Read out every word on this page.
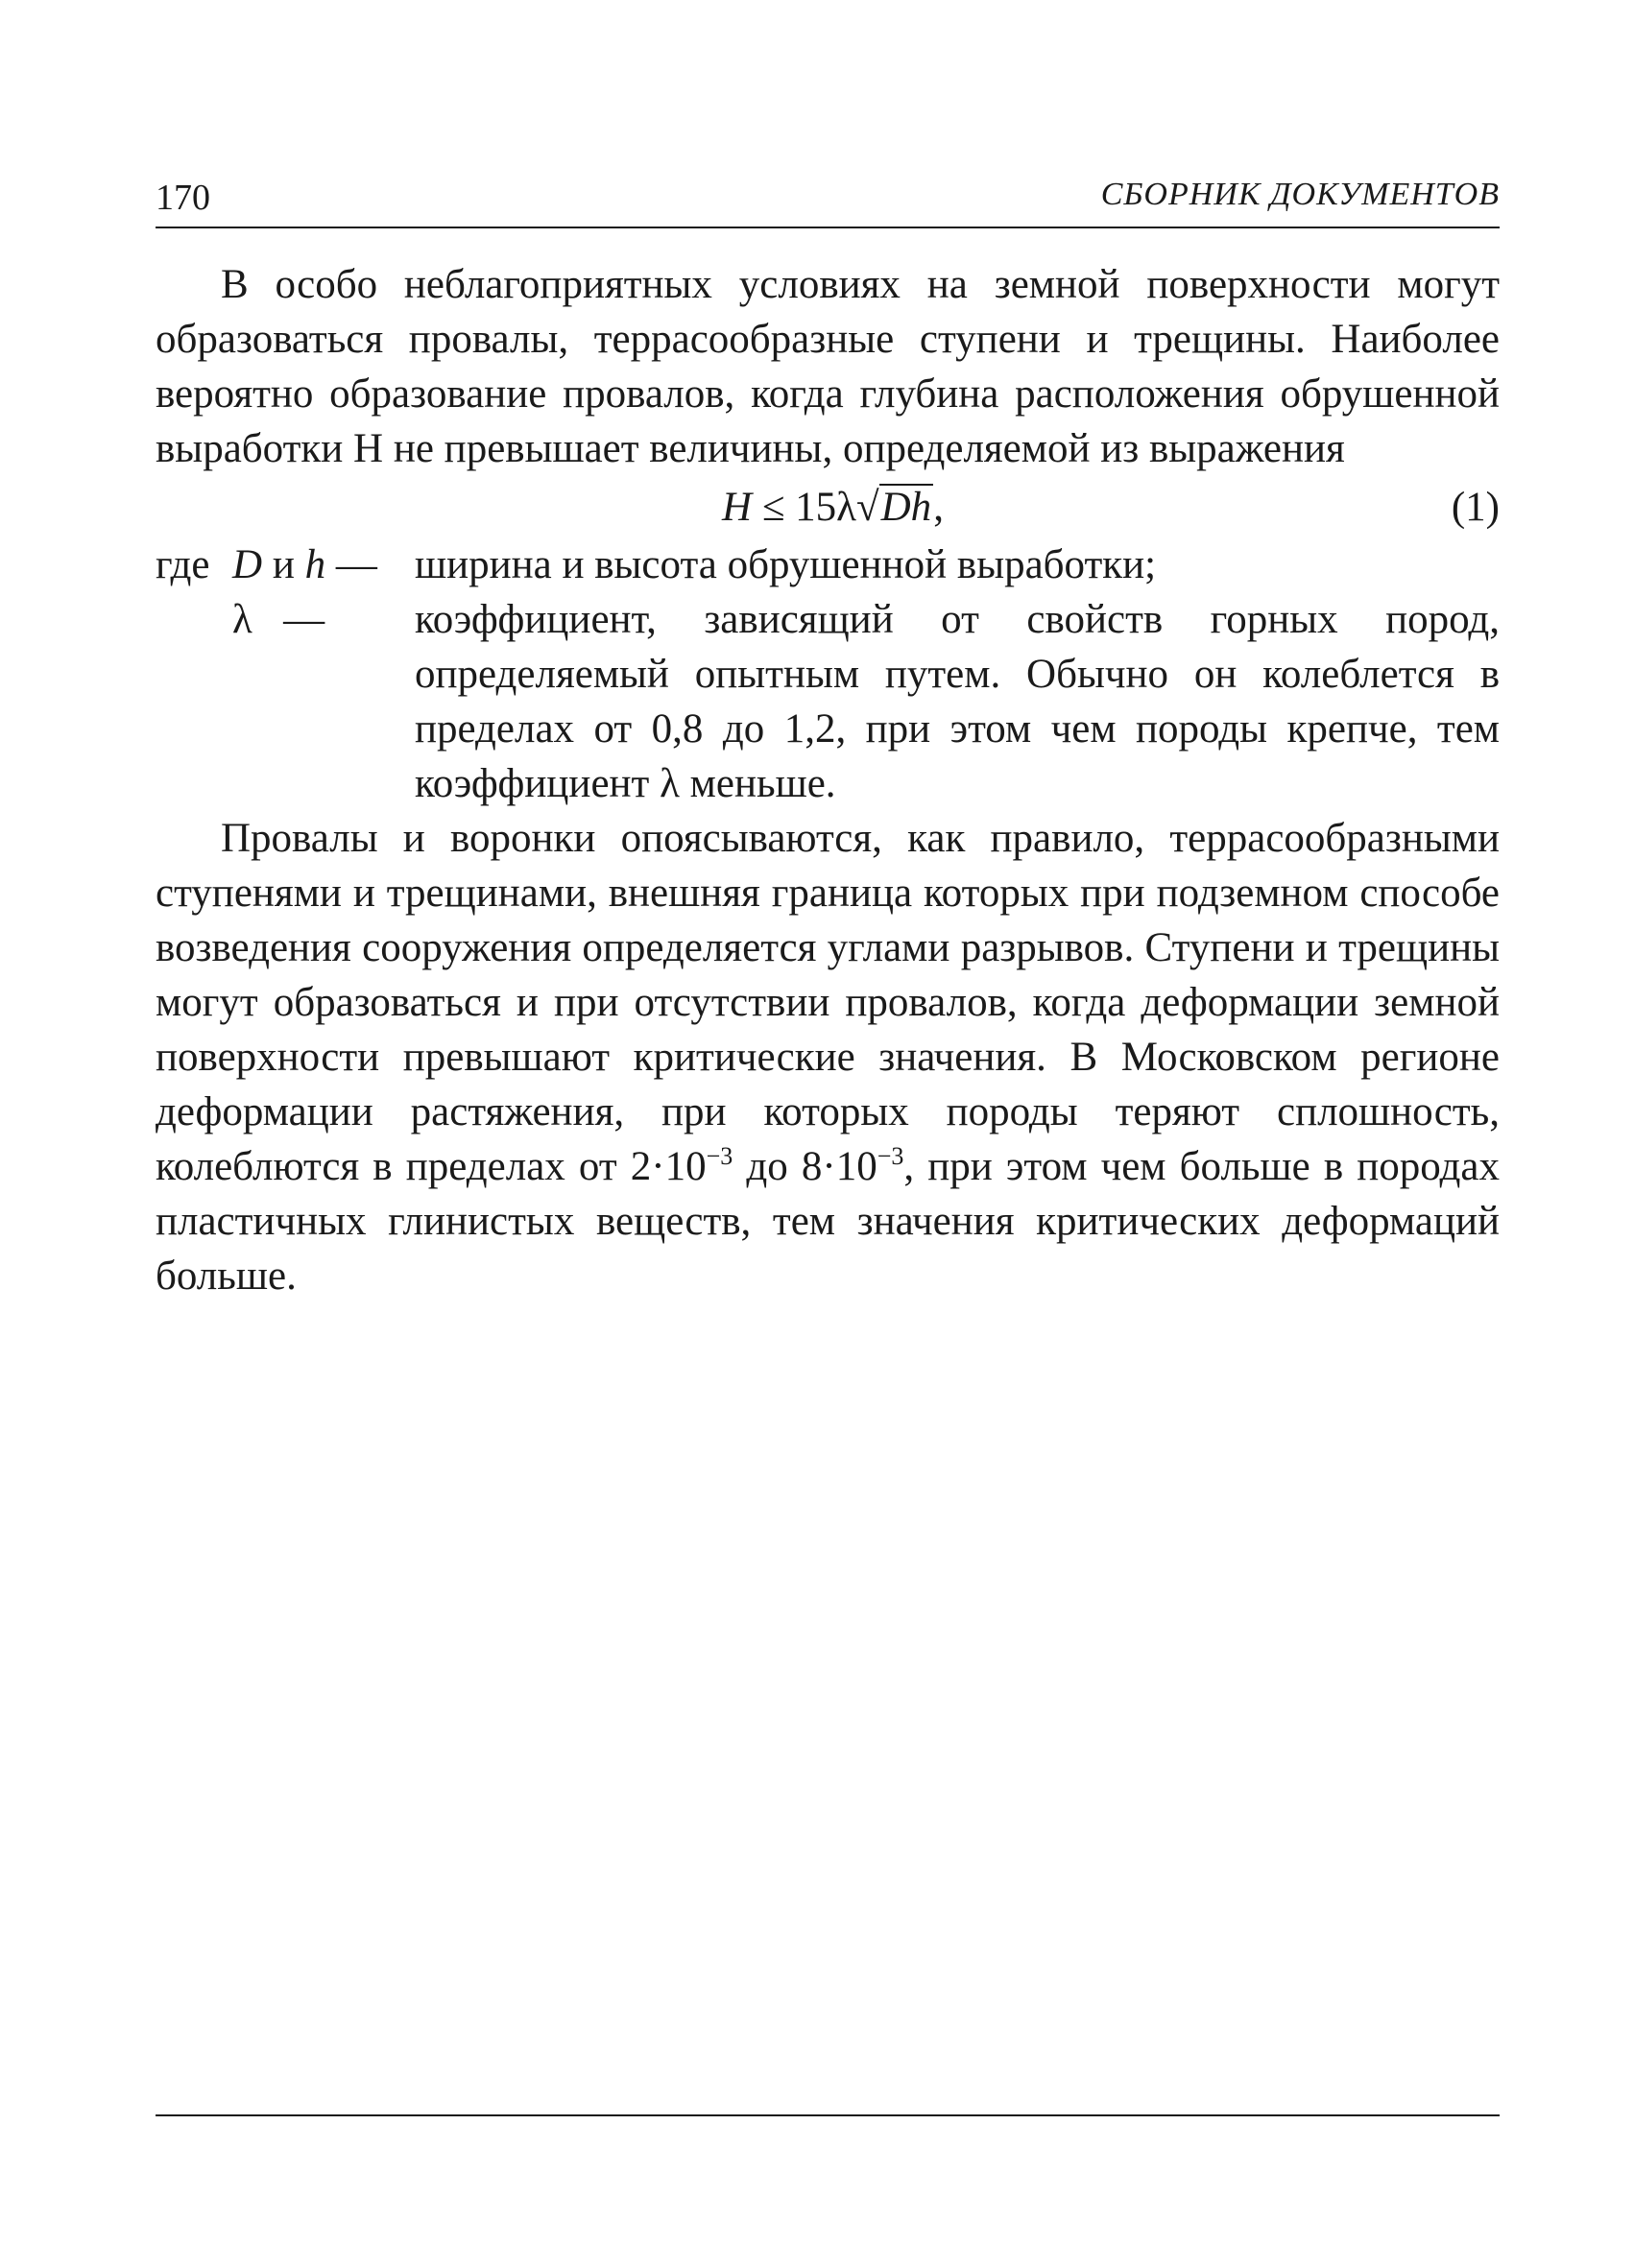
170	СБОРНИК ДОКУМЕНТОВ

В особо неблагоприятных условиях на земной поверхности могут образоваться провалы, террасообразные ступени и трещины. Наиболее вероятно образование провалов, когда глубина расположения обрушенной выработки Н не превышает величины, определяемой из выражения

H ≤ 15λ√Dh,	(1)
где D и h — ширина и высота обрушенной выработки;
λ —	коэффициент, зависящий от свойств горных пород, определяемый опытным путем. Обычно он колеблется в пределах от 0,8 до 1,2, при этом чем породы крепче, тем коэффициент λ меньше.

Провалы и воронки опоясываются, как правило, террасообразными ступенями и трещинами, внешняя граница которых при подземном способе возведения сооружения определяется углами разрывов. Ступени и трещины могут образоваться и при отсутствии провалов, когда деформации земной поверхности превышают критические значения. В Московском регионе деформации растяжения, при которых породы теряют сплошность, колеблются в пределах от $2\cdot 10^{-3}$ до $8\cdot 10^{-3}$, при этом чем больше в породах пластичных глинистых веществ, тем значения критических деформаций больше.
